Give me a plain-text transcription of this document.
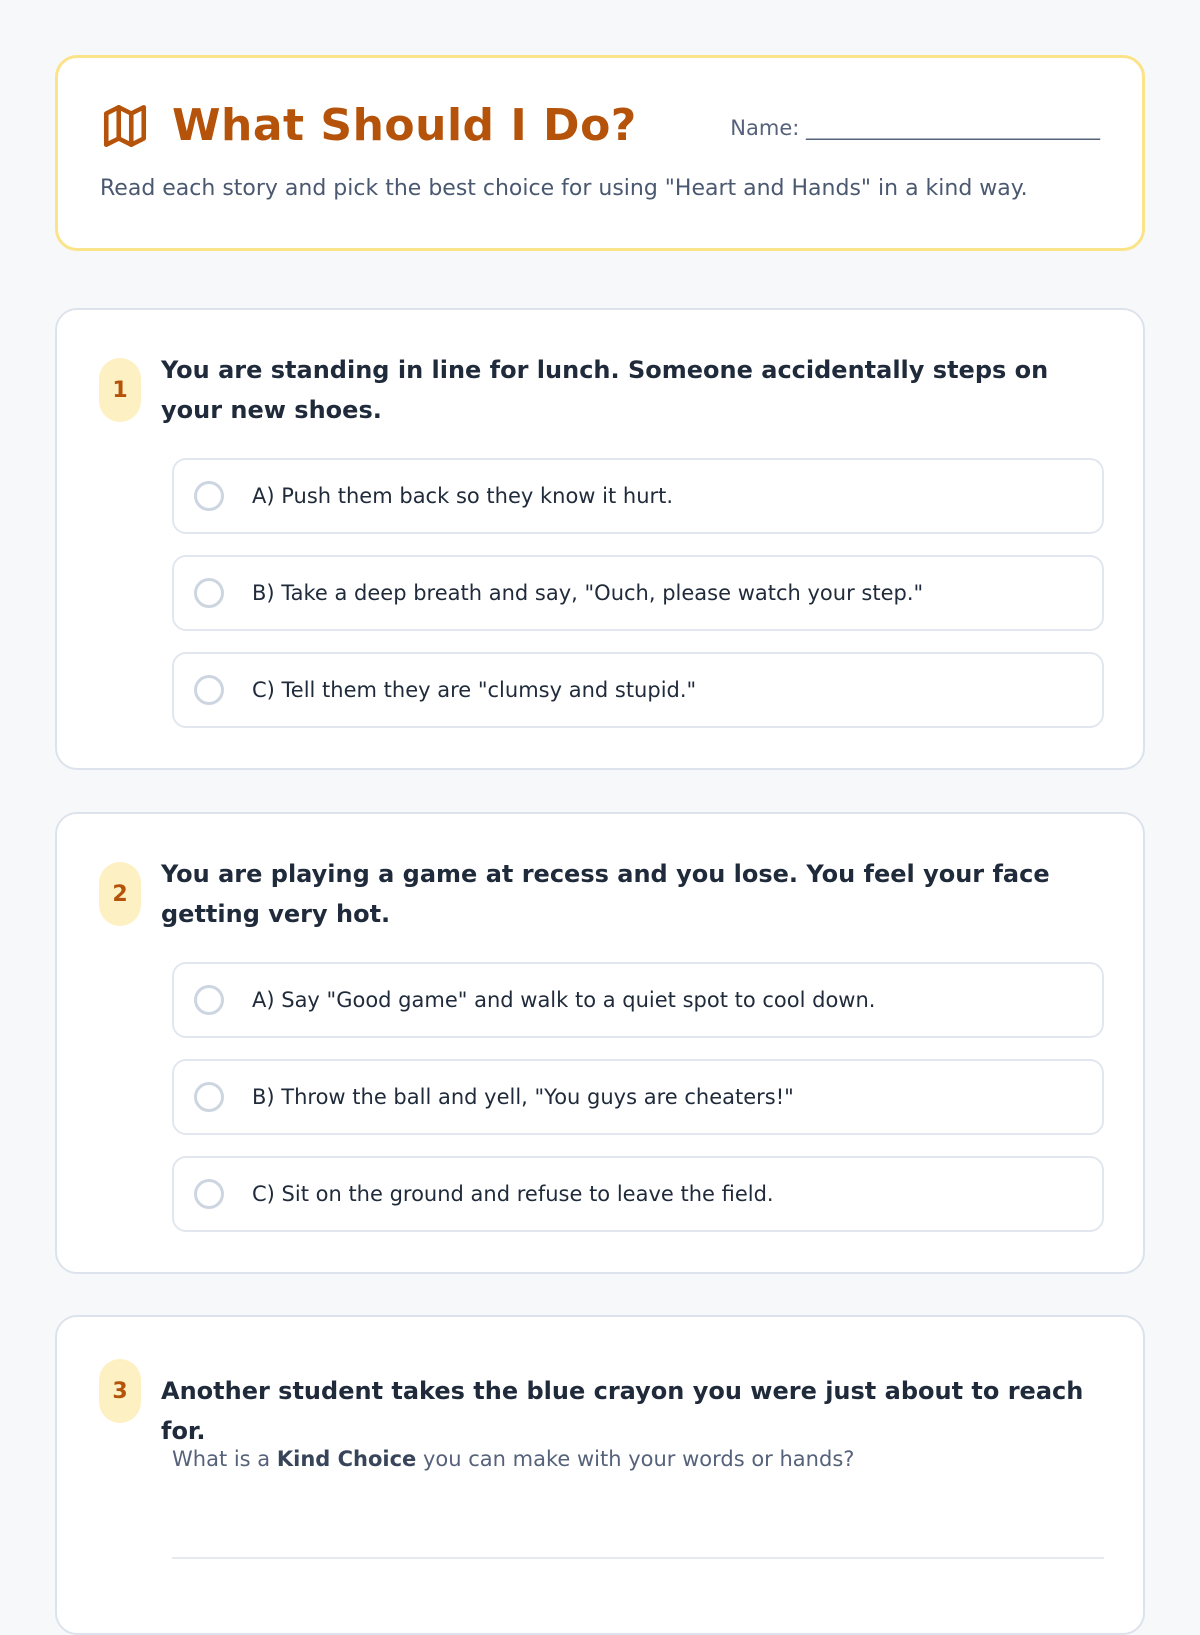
What Should I Do?	Name: ____________________________
Read each story and pick the best choice for using "Heart and Hands" in a kind way.
1
You are standing in line for lunch. Someone accidentally steps on your new shoes.
A) Push them back so they know it hurt.
B) Take a deep breath and say, "Ouch, please watch your step."
C) Tell them they are "clumsy and stupid."
2
You are playing a game at recess and you lose. You feel your face getting very hot.
A) Say "Good game" and walk to a quiet spot to cool down.
B) Throw the ball and yell, "You guys are cheaters!"
C) Sit on the ground and refuse to leave the field.
3	Another student takes the blue crayon you were just about to reach for.
What is a Kind Choice you can make with your words or hands?
